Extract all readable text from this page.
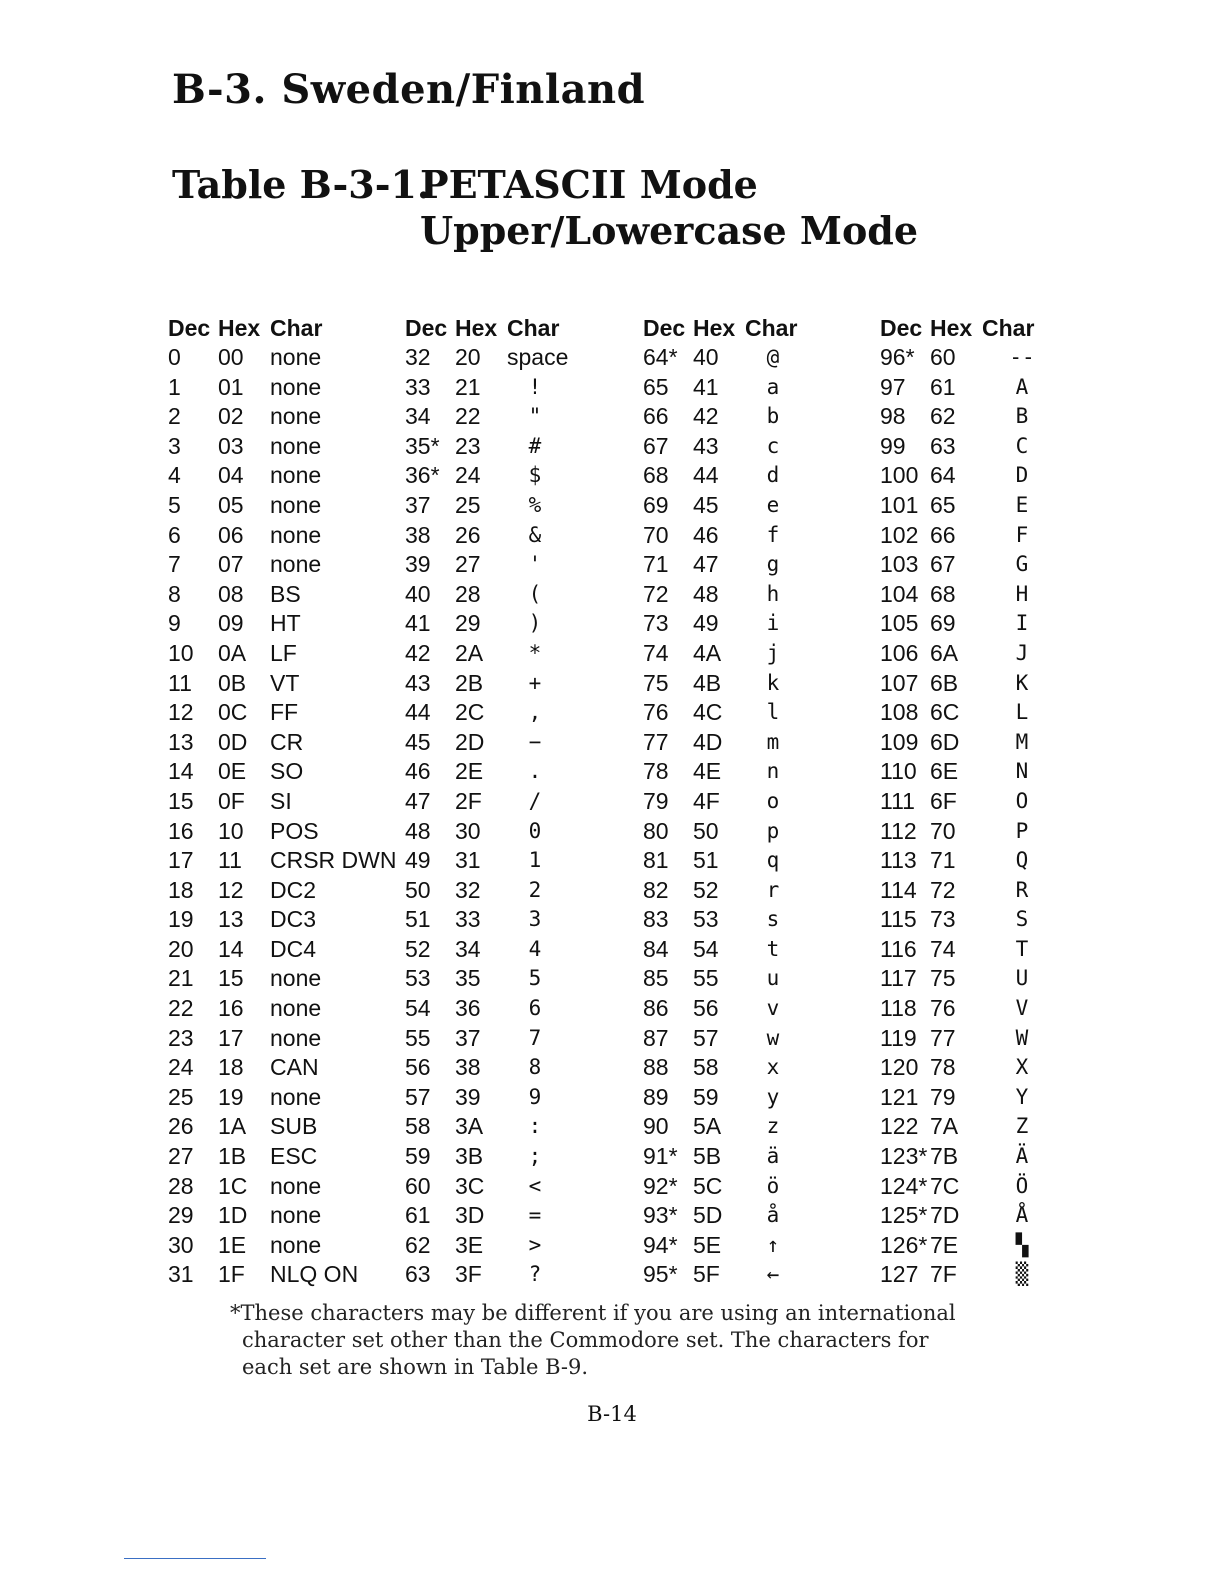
B-3. Sweden/Finland
Table B-3-1.PETASCII Mode
Upper/Lowercase Mode
Dec Hex Char
0 00 none
1 01 none
2 02 none
3 03 none
4 04 none
5 05 none
6 06 none
7 07 none
8 08 BS
9 09 HT
10 0A LF
11 0B VT
12 0C FF
13 0D CR
14 0E SO
15 0F SI
16 10 POS
17 11 CRSR DWN
18 12 DC2
19 13 DC3
20 14 DC4
21 15 none
22 16 none
23 17 none
24 18 CAN
25 19 none
26 1A SUB
27 1B ESC
28 1C none
29 1D none
30 1E none
31 1F NLQ ON
Dec Hex Char
32 20 space
33 21	!
34 22	"
35* 23	#
36* 24	$
37 25	%
38 26	&
39 27	'
40 28	(
41 29	)
42 2A	*
43 2B	+
44 2C	,
45 2D	−
46 2E	.
47 2F	/
48 30	0
49 31	1
50 32	2
51 33	3
52 34	4
53 35	5
54 36	6
55 37	7
56 38	8
57 39	9
58 3A	:
59 3B	;
60 3C	<
61 3D	=
62 3E	>
63 3F	?
Dec Hex Char
64* 40	@
65 41	a
66 42	b
67 43	c
68 44	d
69 45	e
70 46	f
71 47	g
72 48	h
73 49	i
74 4A	j
75 4B	k
76 4C	l
77 4D	m
78 4E	n
79 4F	o
80 50	p
81 51	q
82 52	r
83 53	s
84 54	t
85 55	u
86 56	v
87 57	w
88 58	x
89 59	y
90 5A	z
91* 5B	ä
92* 5C	ö
93* 5D	å
94* 5E	↑
95* 5F	←
Dec Hex Char
96* 60	--
97 61	A
98 62	B
99 63	C
100 64	D
101 65	E
102 66	F
103 67	G
104 68	H
105 69	I
106 6A	J
107 6B	K
108 6C	L
109 6D	M
110 6E	N
111 6F	O
112 70	P
113 71	Q
114 72	R
115 73	S
116 74	T
117 75	U
118 76	V
119 77	W
120 78	X
121 79	Y
122 7A	Z
123* 7B	Ä
124* 7C	Ö
125* 7D	Å
126* 7E	▚
127 7F	▒

*These characters may be different if you are using an international
character set other than the Commodore set. The characters for
each set are shown in Table B-9.

B-14
